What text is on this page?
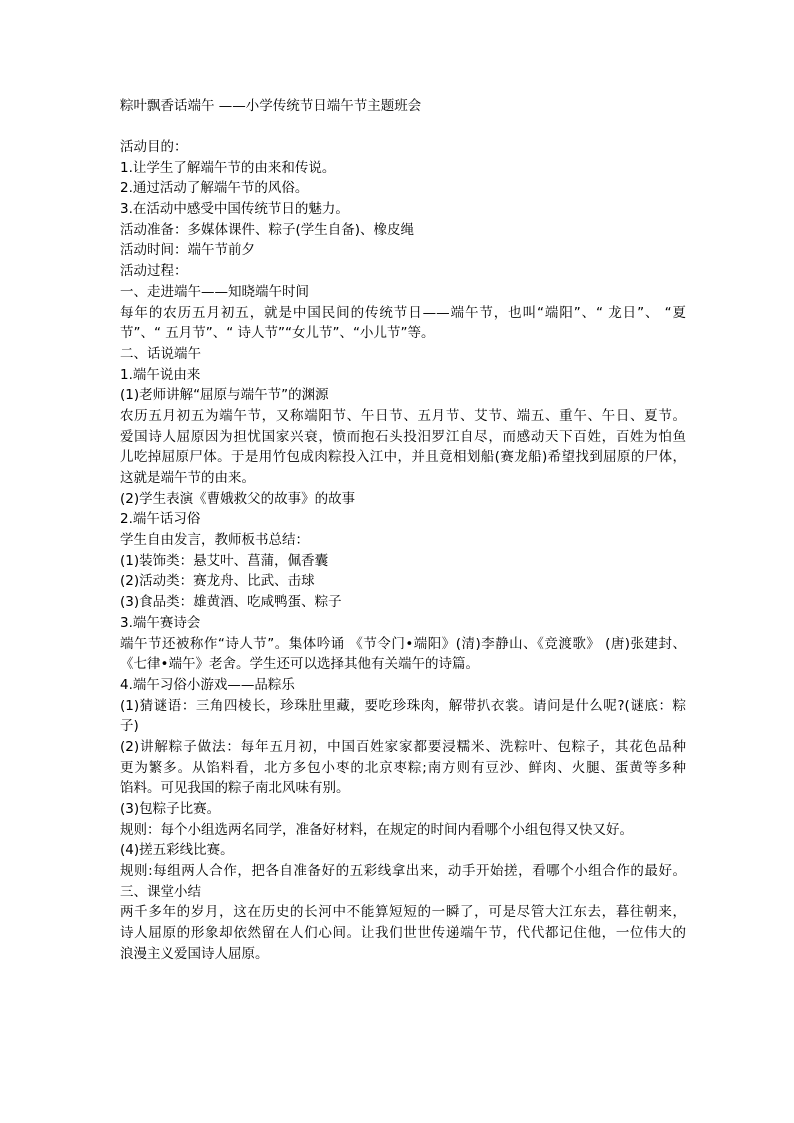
粽叶飘香话端午 ——小学传统节日端午节主题班会
活动目的：
1.让学生了解端午节的由来和传说。
2.通过活动了解端午节的风俗。
3.在活动中感受中国传统节日的魅力。
活动准备：多媒体课件、粽子(学生自备)、橡皮绳
活动时间：端午节前夕
活动过程：
一、走进端午——知晓端午时间
每年的农历五月初五，就是中国民间的传统节日——端午节，也叫“端阳”、“ 龙日”、 “夏
节”、“ 五月节”、“ 诗人节”“女儿节”、“小儿节”等。
二、话说端午
1.端午说由来
(1)老师讲解“屈原与端午节”的渊源
农历五月初五为端午节，又称端阳节、午日节、五月节、艾节、端五、重午、午日、夏节。
爱国诗人屈原因为担忧国家兴衰，愤而抱石头投汨罗江自尽，而感动天下百姓，百姓为怕鱼
儿吃掉屈原尸体。于是用竹包成肉粽投入江中，并且竟相划船(赛龙船)希望找到屈原的尸体，
这就是端午节的由来。
(2)学生表演《曹娥救父的故事》的故事
2.端午话习俗
学生自由发言，教师板书总结：
(1)装饰类：悬艾叶、菖蒲，佩香囊
(2)活动类：赛龙舟、比武、击球
(3)食品类：雄黄酒、吃咸鸭蛋、粽子
3.端午赛诗会
端午节还被称作“诗人节”。集体吟诵 《节令门•端阳》(清)李静山、《竞渡歌》 (唐)张建封、
《七律•端午》老舍。学生还可以选择其他有关端午的诗篇。
4.端午习俗小游戏——品粽乐
(1)猜谜语：三角四棱长，珍珠肚里藏，要吃珍珠肉，解带扒衣裳。请问是什么呢?(谜底：粽
子)
(2)讲解粽子做法：每年五月初，中国百姓家家都要浸糯米、洗粽叶、包粽子，其花色品种
更为繁多。从馅料看，北方多包小枣的北京枣粽;南方则有豆沙、鲜肉、火腿、蛋黄等多种
馅料。可见我国的粽子南北风味有别。
(3)包粽子比赛。
规则：每个小组选两名同学，准备好材料，在规定的时间内看哪个小组包得又快又好。
(4)搓五彩线比赛。
规则:每组两人合作，把各自准备好的五彩线拿出来，动手开始搓，看哪个小组合作的最好。
三、课堂小结
两千多年的岁月，这在历史的长河中不能算短短的一瞬了，可是尽管大江东去，暮往朝来，
诗人屈原的形象却依然留在人们心间。让我们世世传递端午节，代代都记住他，一位伟大的
浪漫主义爱国诗人屈原。
